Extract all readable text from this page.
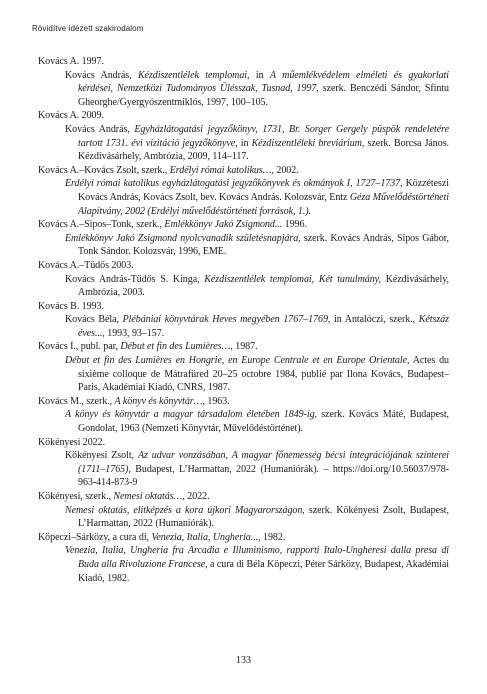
Rövidítve idézett szakirodalom

Kovács A. 1997.

Kovács András, Kézdiszentlélek templomai, in A műemlékvédelem elméleti és gyakorlati kérdései, Nemzetközi Tudományos Ülésszak, Tusnad, 1997, szerk. Benczédi Sándor, Sfintu Gheorghe/Gyergyószentmiklós, 1997, 100–105.

Kovács A. 2009.

Kovács András, Egyházlátogatási jegyzőkönyv, 1731, Br. Sorger Gergely püspök rendeletére tartott 1731. évi vizitáció jegyzőkönyve, in Kézdiszentléleki breviárium, szerk. Borcsa János. Kézdivásárhely, Ambrózia, 2009, 114–117.

Kovács A.–Kovács Zsolt, szerk., Erdélyi római katolikus…, 2002.

Erdélyi római katolikus egyházlátogatási jegyzőkönyvek és okmányok I, 1727–1737, Közzéteszi Kovács András, Kovács Zsolt, bev. Kovács András. Kolozsvár, Entz Géza Művelődéstörténeti Alapítvány, 2002 (Erdélyi művelődéstörténeti források, 1.).

Kovács A.–Sipos–Tonk, szerk., Emlékkönyv Jakó Zsigmond... 1996.

Emlékkönyv Jakó Zsigmond nyolcvanadik születésnapjára, szerk. Kovács András, Sipos Gábor, Tonk Sándor. Kolozsvár, 1996, EME.

Kovács A.–Tüdős 2003.

Kovács András-Tüdős S. Kinga, Kézdiszentlélek templomai, Két tanulmány, Kézdivásárhely, Ambrózia, 2003.

Kovács B. 1993.

Kovács Béla, Plébániai könyvtárak Heves megyében 1767–1769, in Antalóczi, szerk., Kétszáz éves..., 1993, 93–157.

Kovács I., publ. par, Début et fin des Lumières…, 1987.

Début et fin des Lumières en Hongrie, en Europe Centrale et en Europe Orientale, Actes du sixième colloque de Mátrafüred 20–25 octobre 1984, publié par Ilona Kovács, Budapest–Paris, Akadémiai Kiadó, CNRS, 1987.

Kovács M., szerk., A könyv és könyvtár…, 1963.

A könyv és könyvtár a magyar társadalom életében 1849-ig, szerk. Kovács Máté, Budapest, Gondolat, 1963 (Nemzeti Könyvtár, Művelődéstörténet).

Kökényesi 2022.

Kökényesi Zsolt, Az udvar vonzásában, A magyar főnemesség bécsi integrációjának színterei (1711–1765), Budapest, L’Harmattan, 2022 (Humaniórák). – https://doi.org/10.56037/978-963-414-873-9

Kökényesi, szerk., Nemesi oktatás…, 2022.

Nemesi oktatás, elitképzés a kora újkori Magyarországon, szerk. Kökényesi Zsolt, Budapest, L’Harmattan, 2022 (Humaniórák).

Köpeczi–Sárközy, a cura di, Venezia, Italia, Ungheria..., 1982.

Venezia, Italia, Ungheria fra Arcadia e Illuminismo, rapporti Italo-Ungheresi dalla presa di Buda alla Rivoluzione Francese, a cura di Béla Köpeczi, Péter Sárközy, Budapest, Akadémiai Kiadó, 1982.

133
